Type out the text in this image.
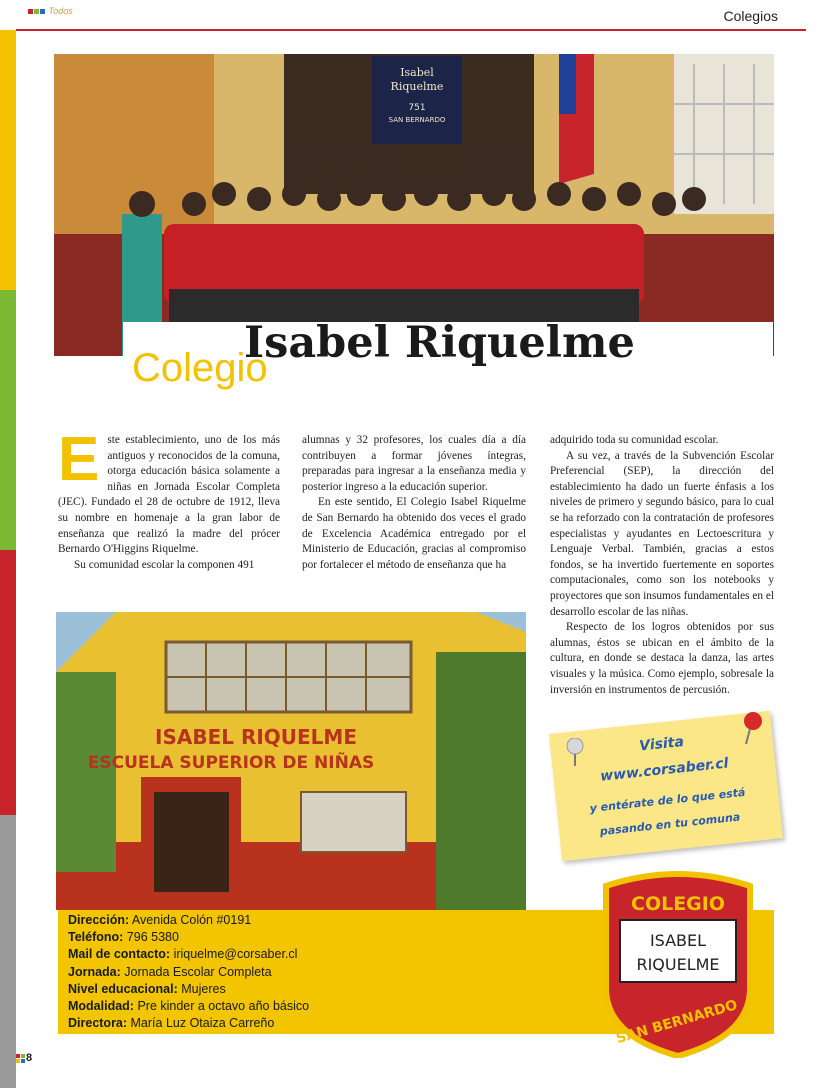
Todos	Colegios
Isabel
Riquelme
751
SAN BERNARDO
Colegio
Isabel Riquelme
E ste establecimiento, uno de los más antiguos y reconocidos de la comuna, otorga educación básica solamente a niñas en Jornada Escolar Completa (JEC). Fundado el 28 de octubre de 1912, lleva su nombre en homenaje a la gran labor de enseñanza que realizó la madre del prócer Bernardo O'Higgins Riquelme.

Su comunidad escolar la componen 491

alumnas y 32 profesores, los cuales día a día contribuyen a formar jóvenes íntegras, preparadas para ingresar a la enseñanza media y posterior ingreso a la educación superior.

En este sentido, El Colegio Isabel Riquelme de San Bernardo ha obtenido dos veces el grado de Excelencia Académica entregado por el Ministerio de Educación, gracias al compromiso por fortalecer el método de enseñanza que ha

adquirido toda su comunidad escolar.

A su vez, a través de la Subvención Escolar Preferencial (SEP), la dirección del establecimiento ha dado un fuerte énfasis a los niveles de primero y segundo básico, para lo cual se ha reforzado con la contratación de profesores especialistas y ayudantes en Lectoescritura y Lenguaje Verbal. También, gracias a estos fondos, se ha invertido fuertemente en soportes computacionales, como son los notebooks y proyectores que son insumos fundamentales en el desarrollo escolar de las niñas.

Respecto de los logros obtenidos por sus alumnas, éstos se ubican en el ámbito de la cultura, en donde se destaca la danza, las artes visuales y la música. Como ejemplo, sobresale la inversión en instrumentos de percusión.

ISABEL RIQUELME
ESCUELA SUPERIOR DE NIÑAS
Visita
www.corsaber.cl
y entérate de lo que está
pasando en tu comuna
Dirección: Avenida Colón #0191
Teléfono: 796 5380
Mail de contacto: iriquelme@corsaber.cl
Jornada: Jornada Escolar Completa
Nivel educacional: Mujeres
Modalidad: Pre kinder a octavo año básico
Directora: María Luz Otaiza Carreño
COLEGIO
ISABEL
RIQUELME
SAN BERNARDO
8
